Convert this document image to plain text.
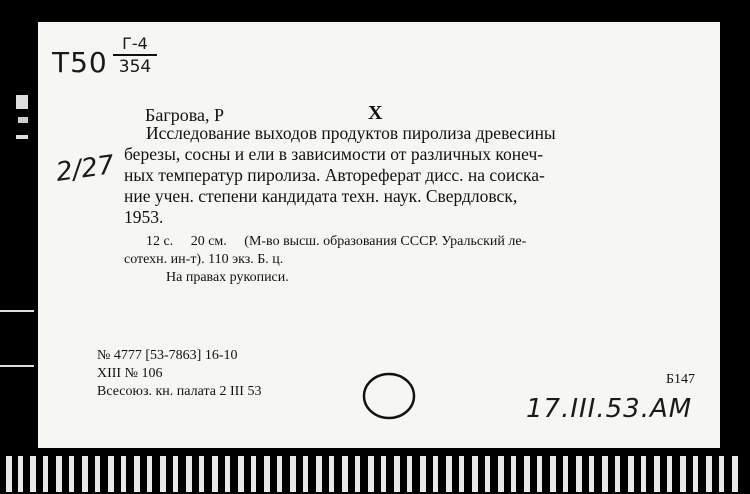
T50
Г-4
354
2/27
Багрова, Р	Х
Исследование выходов продуктов пиролиза древесины
березы, сосны и ели в зависимости от различных конеч-
ных температур пиролиза. Автореферат дисс. на соиска-
ние учен. степени кандидата техн. наук. Свердловск,
1953.
12 с.     20 см.     (М-во высш. образования СССР. Уральский ле-
сотехн. ин-т). 110 экз. Б. ц.
На правах рукописи.
№ 4777 [53-7863] 16-10
XIII № 106
Всесоюз. кн. палата 2 III 53
Б147
17.III.53.ΑΜ
